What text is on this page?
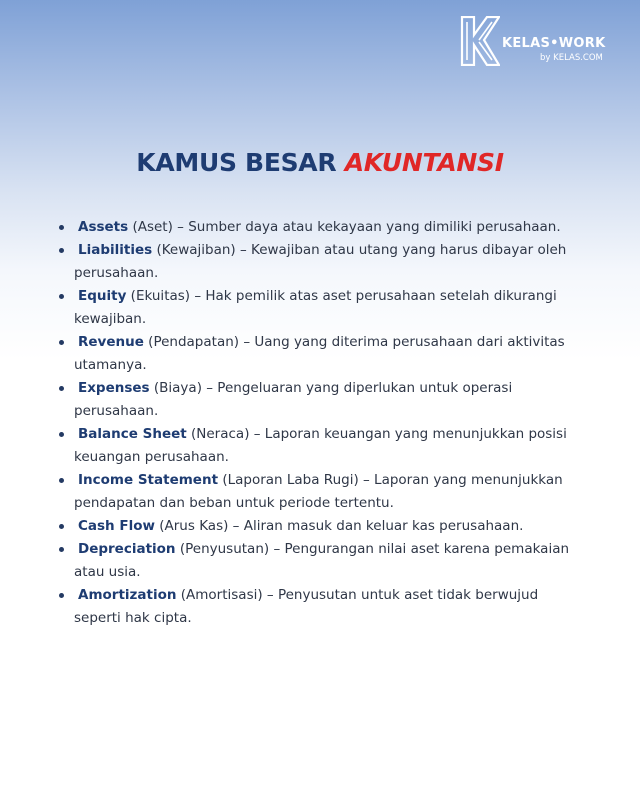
KELAS•WORK
by KELAS.COM
KAMUS BESAR AKUNTANSI
Assets (Aset) – Sumber daya atau kekayaan yang dimiliki perusahaan.
Liabilities (Kewajiban) – Kewajiban atau utang yang harus dibayar oleh perusahaan.
Equity (Ekuitas) – Hak pemilik atas aset perusahaan setelah dikurangi kewajiban.
Revenue (Pendapatan) – Uang yang diterima perusahaan dari aktivitas utamanya.
Expenses (Biaya) – Pengeluaran yang diperlukan untuk operasi perusahaan.
Balance Sheet (Neraca) – Laporan keuangan yang menunjukkan posisi keuangan perusahaan.
Income Statement (Laporan Laba Rugi) – Laporan yang menunjukkan pendapatan dan beban untuk periode tertentu.
Cash Flow (Arus Kas) – Aliran masuk dan keluar kas perusahaan.
Depreciation (Penyusutan) – Pengurangan nilai aset karena pemakaian atau usia.
Amortization (Amortisasi) – Penyusutan untuk aset tidak berwujud seperti hak cipta.
